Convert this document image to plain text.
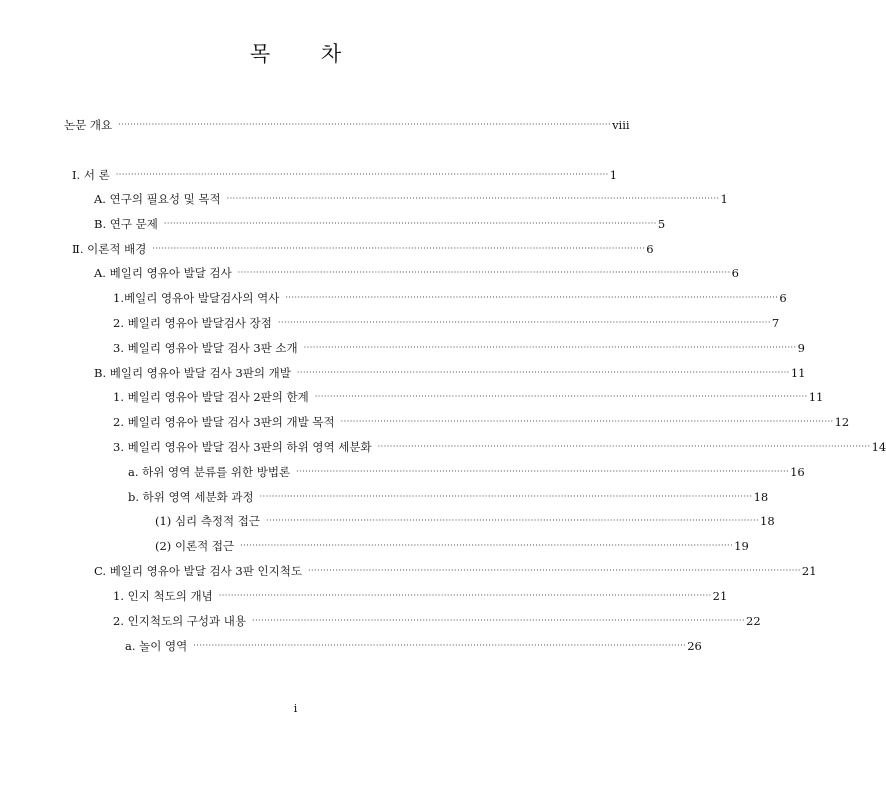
목 차
논문 개요 ·································································································································································· viii
Ⅰ. 서 론 ·································································································································································· 1
A. 연구의 필요성 및 목적 ·································································································································································· 1
B. 연구 문제 ·································································································································································· 5
Ⅱ. 이론적 배경 ·································································································································································· 6
A. 베일리 영유아 발달 검사 ·································································································································································· 6
1.베일리 영유아 발달검사의 역사 ·································································································································································· 6
2. 베일리 영유아 발달검사 장점 ·································································································································································· 7
3. 베일리 영유아 발달 검사 3판 소개 ·································································································································································· 9
B. 베일리 영유아 발달 검사 3판의 개발 ·································································································································································· 11
1. 베일리 영유아 발달 검사 2판의 한계 ·································································································································································· 11
2. 베일리 영유아 발달 검사 3판의 개발 목적 ·································································································································································· 12
3. 베일리 영유아 발달 검사 3판의 하위 영역 세분화 ·································································································································································· 14
a. 하위 영역 분류를 위한 방법론 ·································································································································································· 16
b. 하위 영역 세분화 과정 ·································································································································································· 18
(1) 심리 측정적 접근 ·································································································································································· 18
(2) 이론적 접근 ·································································································································································· 19
C. 베일리 영유아 발달 검사 3판 인지척도 ·································································································································································· 21
1. 인지 척도의 개념 ·································································································································································· 21
2. 인지척도의 구성과 내용 ·································································································································································· 22
a. 놀이 영역 ·································································································································································· 26
i
